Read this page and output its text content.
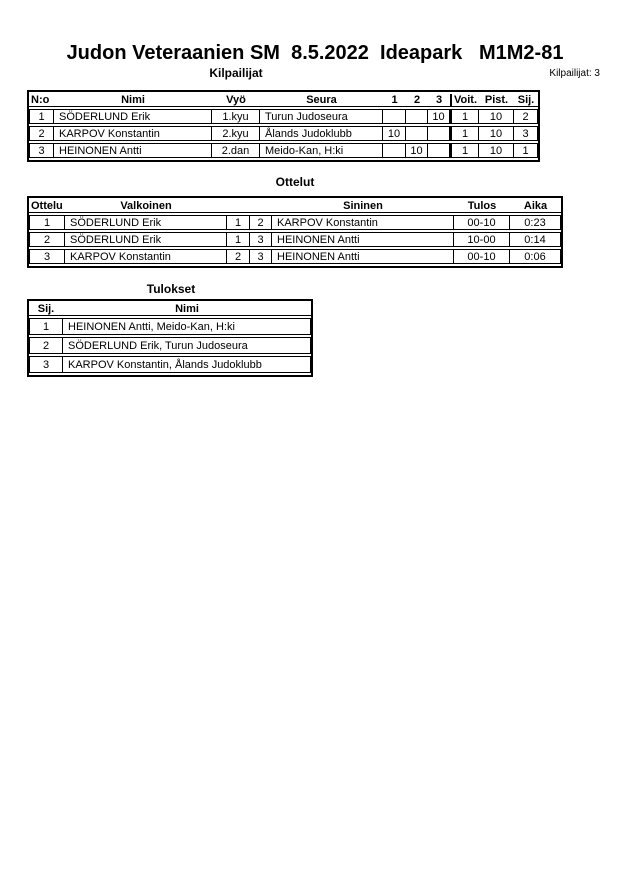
Judon Veteraanien SM  8.5.2022  Ideapark   M1M2-81
Kilpailijat	Kilpailijat: 3
N:o	Nimi	Vyö	Seura	1	2	3	Voit.	Pist.	Sij.
1	SÖDERLUND Erik	1.kyu	Turun Judoseura			10	1	10	2
2	KARPOV Konstantin	2.kyu	Ålands Judoklubb	10			1	10	3
3	HEINONEN Antti	2.dan	Meido-Kan, H:ki		10		1	10	1
Ottelut
Ottelu	Valkoinen			Sininen	Tulos	Aika
1	SÖDERLUND Erik	1	2	KARPOV Konstantin	00-10	0:23
2	SÖDERLUND Erik	1	3	HEINONEN Antti	10-00	0:14
3	KARPOV Konstantin	2	3	HEINONEN Antti	00-10	0:06
Tulokset
Sij.	Nimi
1	HEINONEN Antti, Meido-Kan, H:ki
2	SÖDERLUND Erik, Turun Judoseura
3	KARPOV Konstantin, Ålands Judoklubb
